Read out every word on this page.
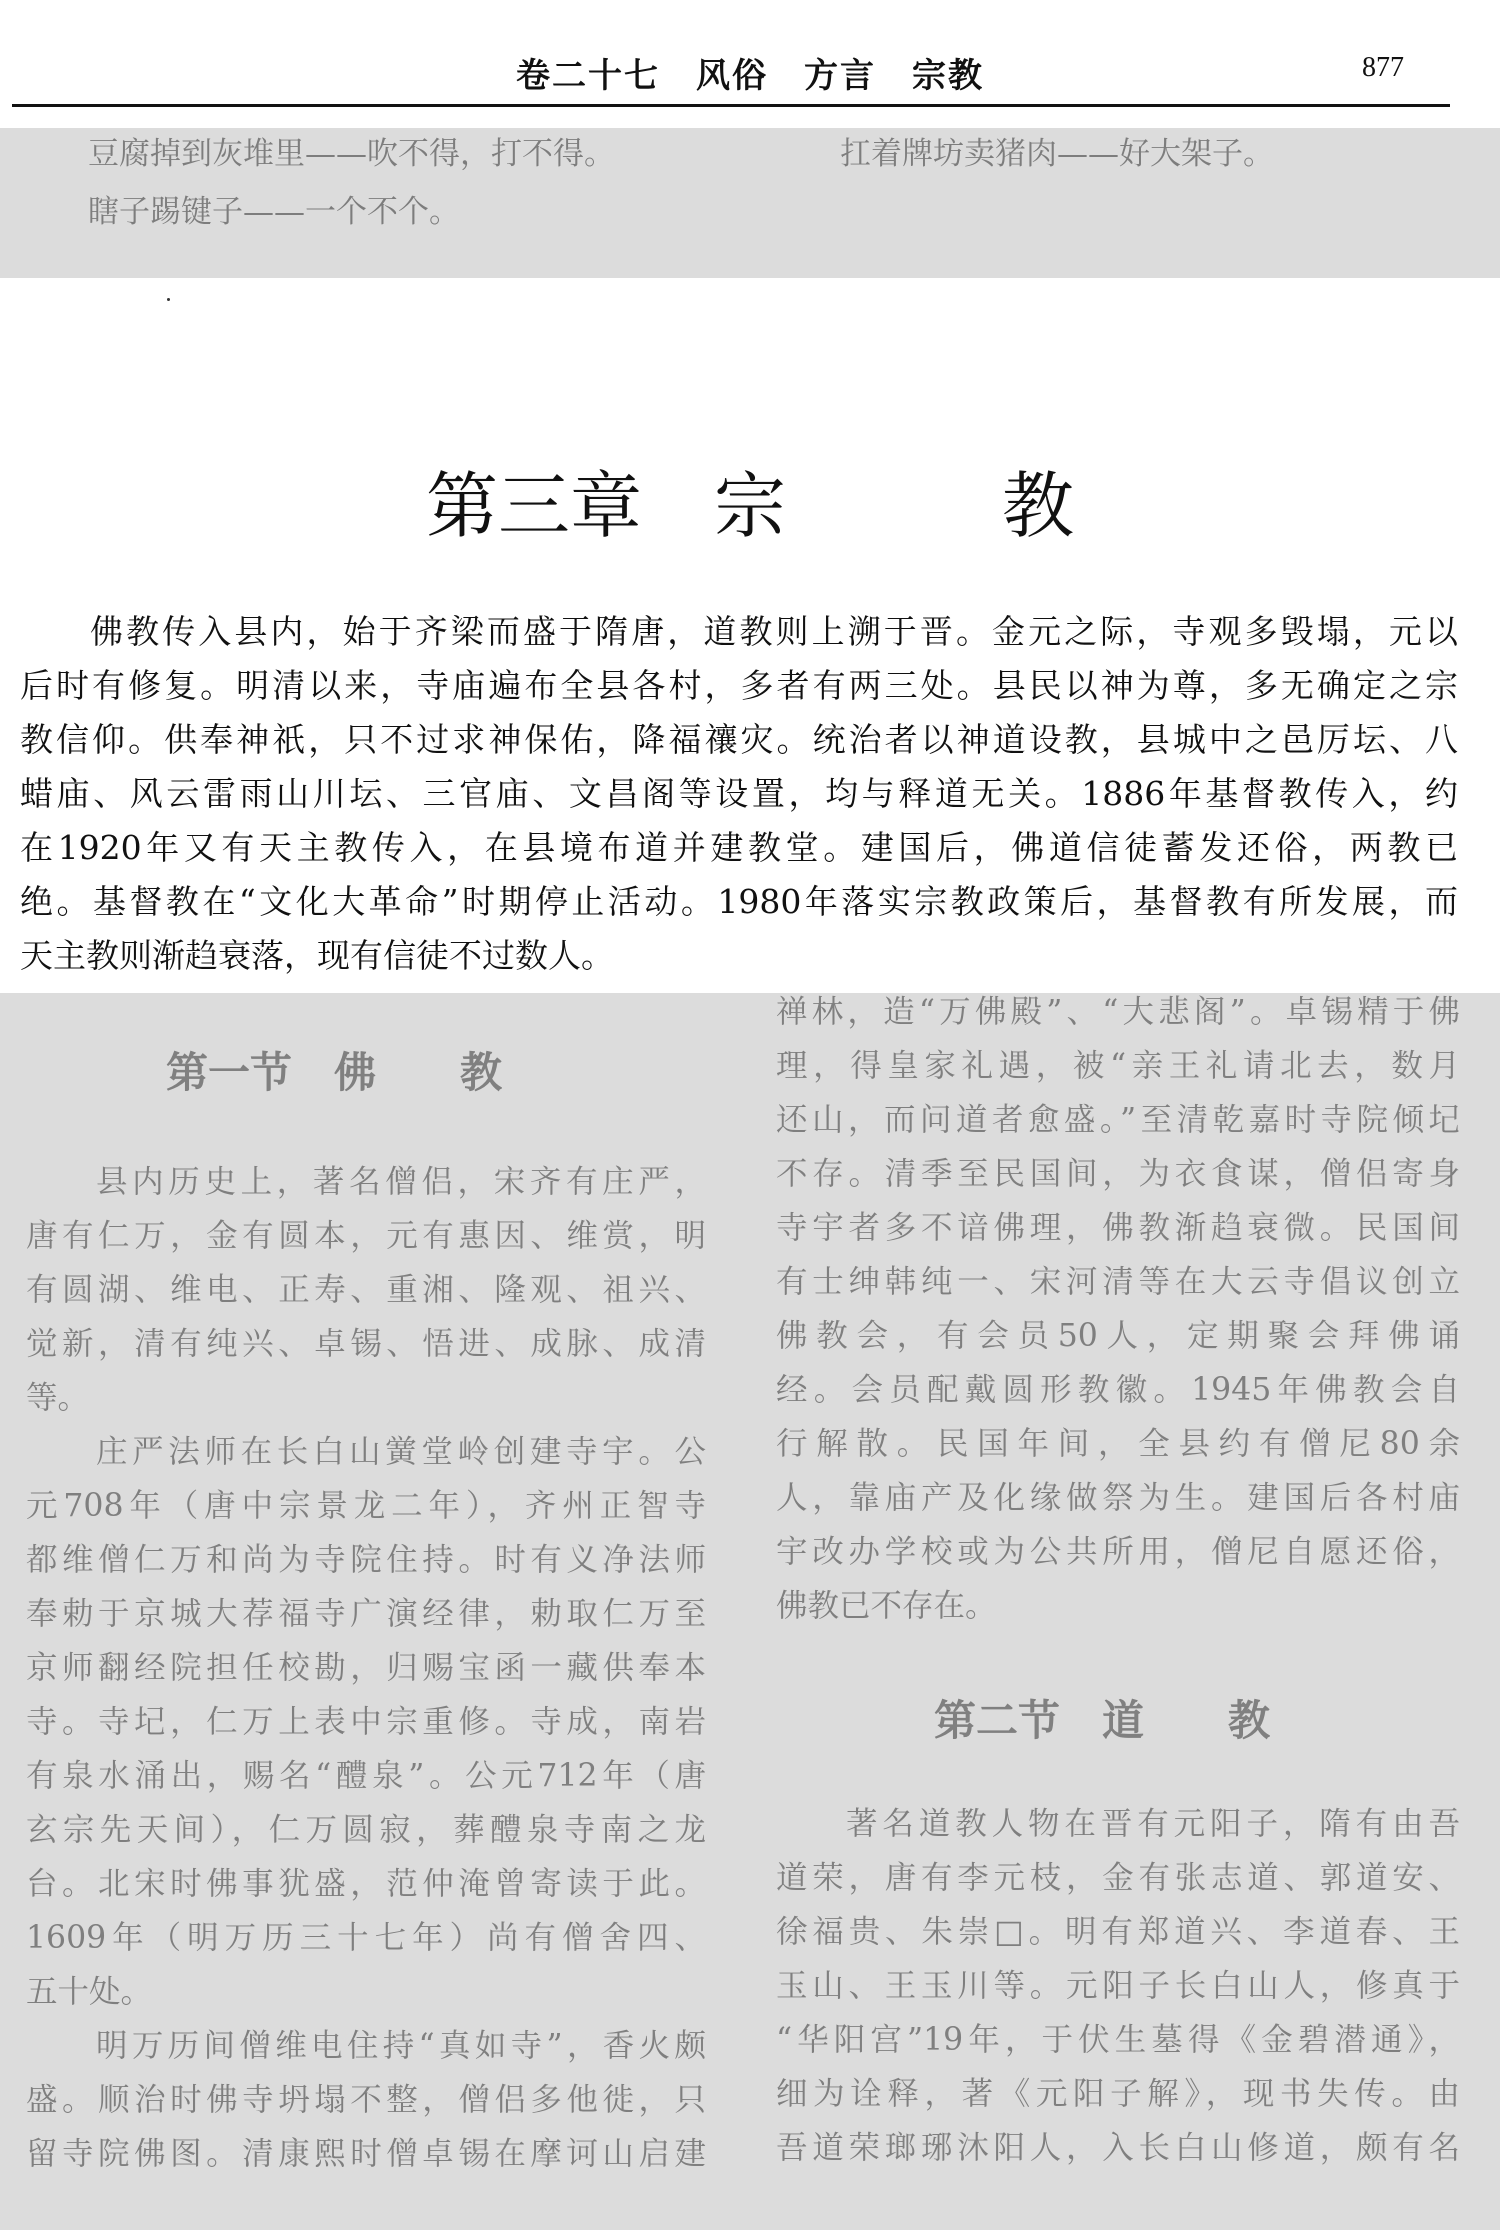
卷二十七　风俗　方言　宗教	877
豆腐掉到灰堆里——吹不得，打不得。	扛着牌坊卖猪肉——好大架子。
瞎子踢键子——一个不个。
第三章　宗　　　教
佛教传入县内，始于齐梁而盛于隋唐，道教则上溯于晋。金元之际，寺观多毁塌，元以
后时有修复。明清以来，寺庙遍布全县各村，多者有两三处。县民以神为尊，多无确定之宗
教信仰。供奉神祇，只不过求神保佑，降福禳灾。统治者以神道设教，县城中之邑厉坛、八
蜡庙、风云雷雨山川坛、三官庙、文昌阁等设置，均与释道无关。1886年基督教传入，约
在1920年又有天主教传入，在县境布道并建教堂。建国后，佛道信徒蓄发还俗，两教已
绝。基督教在“文化大革命”时期停止活动。1980年落实宗教政策后，基督教有所发展，而
天主教则渐趋衰落，现有信徒不过数人。
第一节　佛　　教
县内历史上，著名僧侣，宋齐有庄严，
唐有仁万，金有圆本，元有惠因、维赏，明
有圆湖、维电、正寿、重湘、隆观、祖兴、
觉新，清有纯兴、卓锡、悟进、成脉、成清
等。
庄严法师在长白山黉堂岭创建寺宇。公
元708年（唐中宗景龙二年），齐州正智寺
都维僧仁万和尚为寺院住持。时有义净法师
奉勅于京城大荐福寺广演经律，勅取仁万至
京师翻经院担任校勘，归赐宝函一藏供奉本
寺。寺圮，仁万上表中宗重修。寺成，南岩
有泉水涌出，赐名“醴泉”。公元712年（唐
玄宗先天间），仁万圆寂，葬醴泉寺南之龙
台。北宋时佛事犹盛，范仲淹曾寄读于此。
1609年（明万历三十七年）尚有僧舍四、
五十处。
明万历间僧维电住持“真如寺”，香火颇
盛。顺治时佛寺坍塌不整，僧侣多他徙，只
留寺院佛图。清康熙时僧卓锡在摩诃山启建
禅林，造“万佛殿”、“大悲阁”。卓锡精于佛
理，得皇家礼遇，被“亲王礼请北去，数月
还山，而问道者愈盛。”至清乾嘉时寺院倾圮
不存。清季至民国间，为衣食谋，僧侣寄身
寺宇者多不谙佛理，佛教渐趋衰微。民国间
有士绅韩纯一、宋河清等在大云寺倡议创立
佛教会，有会员50人，定期聚会拜佛诵
经。会员配戴圆形教徽。1945年佛教会自
行解散。民国年间，全县约有僧尼80余
人，靠庙产及化缘做祭为生。建国后各村庙
宇改办学校或为公共所用，僧尼自愿还俗，
佛教已不存在。
第二节　道　　教
著名道教人物在晋有元阳子，隋有由吾
道荣，唐有李元枝，金有张志道、郭道安、
徐福贵、朱崇□。明有郑道兴、李道春、王
玉山、王玉川等。元阳子长白山人，修真于
“华阳宫”19年，于伏生墓得《金碧潜通》，
细为诠释，著《元阳子解》，现书失传。由
吾道荣瑯琊沐阳人，入长白山修道，颇有名
